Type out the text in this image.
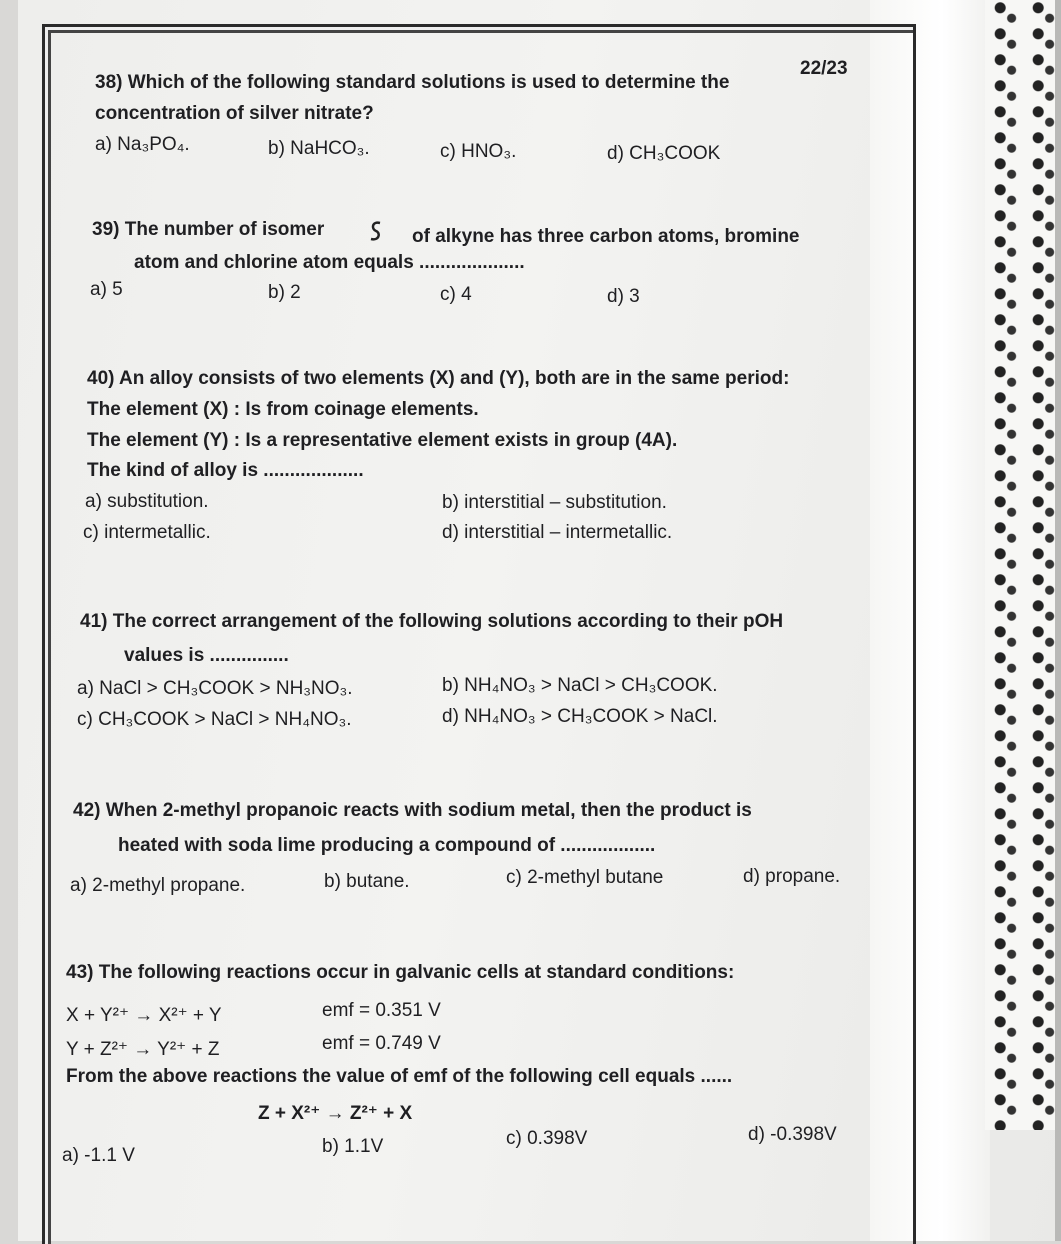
22/23
38) Which of the following standard solutions is used to determine the
concentration of silver nitrate?
a) Na₃PO₄.	b) NaHCO₃.	c) HNO₃.	d) CH₃COOK
39) The number of isomer	of alkyne has three carbon atoms, bromine
atom and chlorine atom equals ....................
a) 5	b) 2	c) 4	d) 3
40) An alloy consists of two elements (X) and (Y), both are in the same period:
The element (X) : Is from coinage elements.
The element (Y) : Is a representative element exists in group (4A).
The kind of alloy is ...................
a) substitution.	b) interstitial – substitution.
c) intermetallic.	d) interstitial – intermetallic.
41) The correct arrangement of the following solutions according to their pOH
values is ...............
a) NaCl > CH₃COOK > NH₃NO₃.	b) NH₄NO₃ > NaCl > CH₃COOK.
c) CH₃COOK > NaCl > NH₄NO₃.	d) NH₄NO₃ > CH₃COOK > NaCl.
42) When 2-methyl propanoic reacts with sodium metal, then the product is
heated with soda lime producing a compound of ..................
a) 2-methyl propane.	b) butane.	c) 2-methyl butane	d) propane.
43) The following reactions occur in galvanic cells at standard conditions:
X + Y²⁺ → X²⁺ + Y	emf = 0.351 V
Y + Z²⁺ → Y²⁺ + Z	emf = 0.749 V
From the above reactions the value of emf of the following cell equals ......
Z + X²⁺ → Z²⁺ + X
a) -1.1 V	b) 1.1V	c) 0.398V	d) -0.398V
